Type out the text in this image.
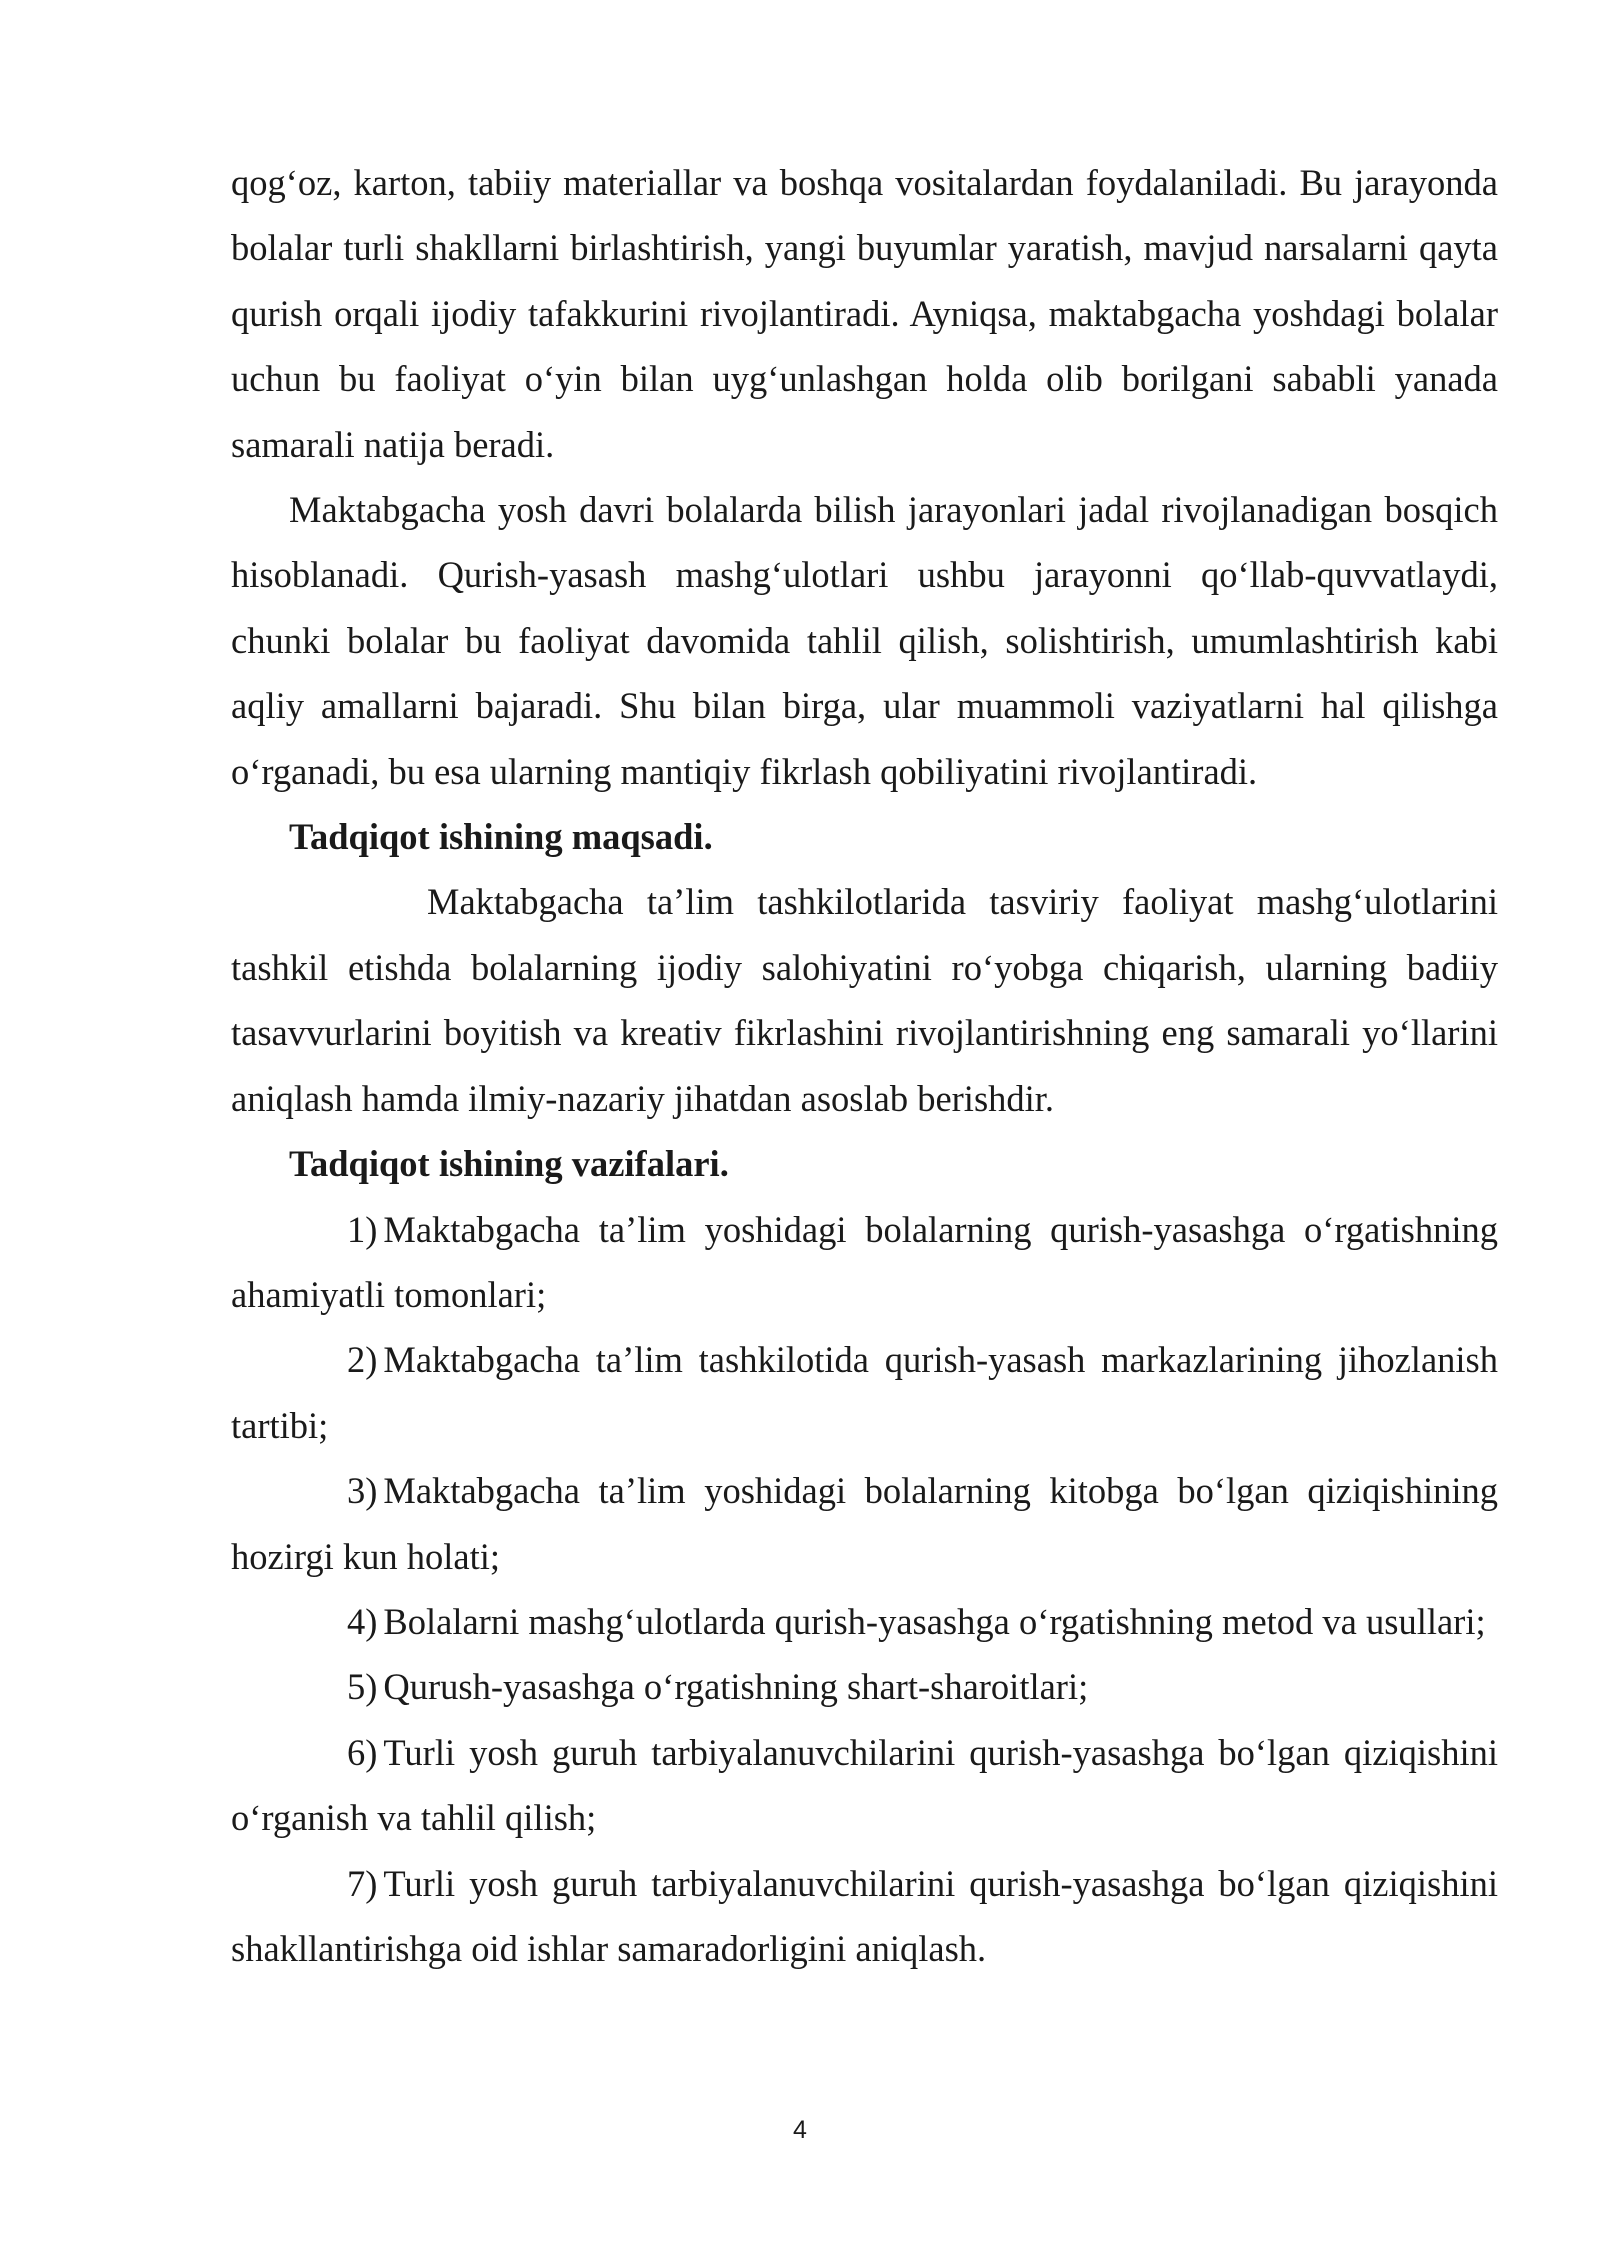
qog‘oz, karton, tabiiy materiallar va boshqa vositalardan foydalaniladi. Bu jarayonda bolalar turli shakllarni birlashtirish, yangi buyumlar yaratish, mavjud narsalarni qayta qurish orqali ijodiy tafakkurini rivojlantiradi. Ayniqsa, maktabgacha yoshdagi bolalar uchun bu faoliyat o‘yin bilan uyg‘unlashgan holda olib borilgani sababli yanada samarali natija beradi.

Maktabgacha yosh davri bolalarda bilish jarayonlari jadal rivojlanadigan bosqich hisoblanadi. Qurish-yasash mashg‘ulotlari ushbu jarayonni qo‘llab-quvvatlaydi, chunki bolalar bu faoliyat davomida tahlil qilish, solishtirish, umumlashtirish kabi aqliy amallarni bajaradi. Shu bilan birga, ular muammoli vaziyatlarni hal qilishga o‘rganadi, bu esa ularning mantiqiy fikrlash qobiliyatini rivojlantiradi.

Tadqiqot ishining maqsadi.

Maktabgacha ta’lim tashkilotlarida tasviriy faoliyat mashg‘ulotlarini tashkil etishda bolalarning ijodiy salohiyatini ro‘yobga chiqarish, ularning badiiy tasavvurlarini boyitish va kreativ fikrlashini rivojlantirishning eng samarali yo‘llarini aniqlash hamda ilmiy-nazariy jihatdan asoslab berishdir.

Tadqiqot ishining vazifalari.

1) Maktabgacha ta’lim yoshidagi bolalarning qurish-yasashga o‘rgatishning ahamiyatli tomonlari;

2) Maktabgacha ta’lim tashkilotida qurish-yasash markazlarining jihozlanish tartibi;

3) Maktabgacha ta’lim yoshidagi bolalarning kitobga bo‘lgan qiziqishining hozirgi kun holati;

4) Bolalarni mashg‘ulotlarda qurish-yasashga o‘rgatishning metod va usullari;

5) Qurush-yasashga o‘rgatishning shart-sharoitlari;

6) Turli yosh guruh tarbiyalanuvchilarini qurish-yasashga bo‘lgan qiziqishini o‘rganish va tahlil qilish;

7) Turli yosh guruh tarbiyalanuvchilarini qurish-yasashga bo‘lgan qiziqishini shakllantirishga oid ishlar samaradorligini aniqlash.

4
